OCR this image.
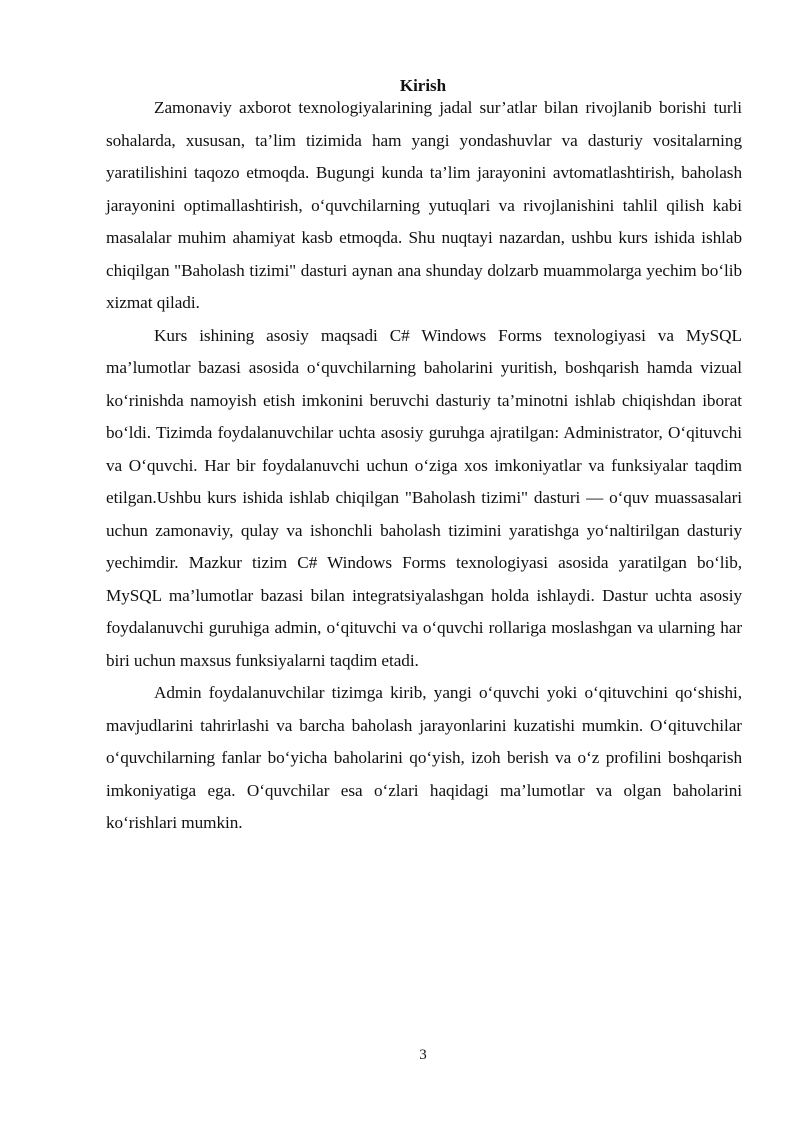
Kirish

Zamonaviy axborot texnologiyalarining jadal sur’atlar bilan rivojlanib borishi turli sohalarda, xususan, ta’lim tizimida ham yangi yondashuvlar va dasturiy vositalarning yaratilishini taqozo etmoqda. Bugungi kunda ta’lim jarayonini avtomatlashtirish, baholash jarayonini optimallashtirish, o‘quvchilarning yutuqlari va rivojlanishini tahlil qilish kabi masalalar muhim ahamiyat kasb etmoqda. Shu nuqtayi nazardan, ushbu kurs ishida ishlab chiqilgan "Baholash tizimi" dasturi aynan ana shunday dolzarb muammolarga yechim bo‘lib xizmat qiladi.

Kurs ishining asosiy maqsadi C# Windows Forms texnologiyasi va MySQL ma’lumotlar bazasi asosida o‘quvchilarning baholarini yuritish, boshqarish hamda vizual ko‘rinishda namoyish etish imkonini beruvchi dasturiy ta’minotni ishlab chiqishdan iborat bo‘ldi. Tizimda foydalanuvchilar uchta asosiy guruhga ajratilgan: Administrator, O‘qituvchi va O‘quvchi. Har bir foydalanuvchi uchun o‘ziga xos imkoniyatlar va funksiyalar taqdim etilgan.Ushbu kurs ishida ishlab chiqilgan "Baholash tizimi" dasturi — o‘quv muassasalari uchun zamonaviy, qulay va ishonchli baholash tizimini yaratishga yo‘naltirilgan dasturiy yechimdir. Mazkur tizim C# Windows Forms texnologiyasi asosida yaratilgan bo‘lib, MySQL ma’lumotlar bazasi bilan integratsiyalashgan holda ishlaydi. Dastur uchta asosiy foydalanuvchi guruhiga admin, o‘qituvchi va o‘quvchi rollariga moslashgan va ularning har biri uchun maxsus funksiyalarni taqdim etadi.

Admin foydalanuvchilar tizimga kirib, yangi o‘quvchi yoki o‘qituvchini qo‘shishi, mavjudlarini tahrirlashi va barcha baholash jarayonlarini kuzatishi mumkin. O‘qituvchilar o‘quvchilarning fanlar bo‘yicha baholarini qo‘yish, izoh berish va o‘z profilini boshqarish imkoniyatiga ega. O‘quvchilar esa o‘zlari haqidagi ma’lumotlar va olgan baholarini ko‘rishlari mumkin.

3
